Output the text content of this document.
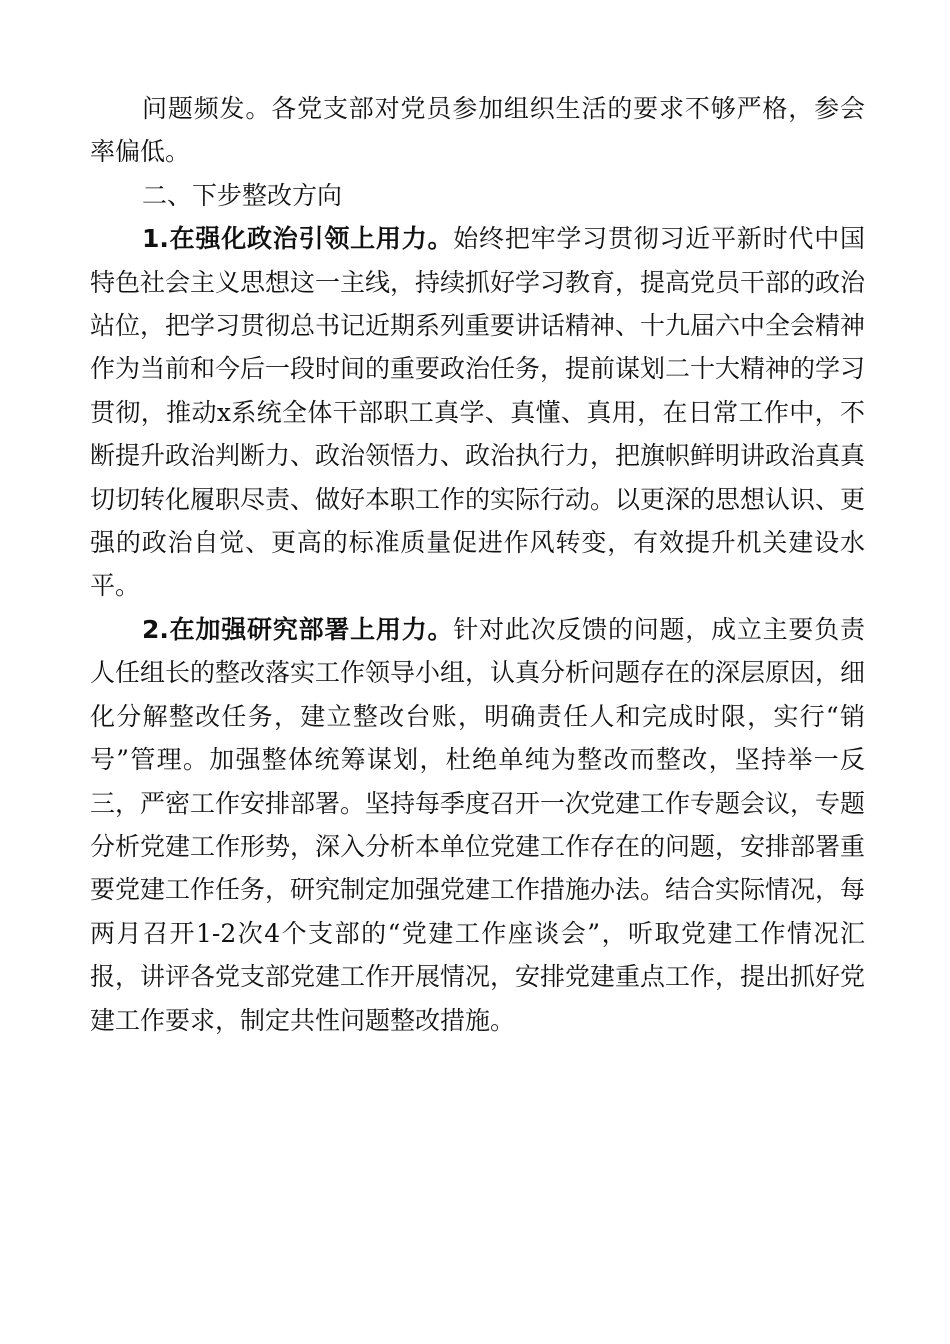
问题频发。各党支部对党员参加组织生活的要求不够严格，参会率偏低。

二、下步整改方向

1.在强化政治引领上用力。始终把牢学习贯彻习近平新时代中国特色社会主义思想这一主线，持续抓好学习教育，提高党员干部的政治站位，把学习贯彻总书记近期系列重要讲话精神、十九届六中全会精神作为当前和今后一段时间的重要政治任务，提前谋划二十大精神的学习贯彻，推动x系统全体干部职工真学、真懂、真用，在日常工作中，不断提升政治判断力、政治领悟力、政治执行力，把旗帜鲜明讲政治真真切切转化履职尽责、做好本职工作的实际行动。以更深的思想认识、更强的政治自觉、更高的标准质量促进作风转变，有效提升机关建设水平。

2.在加强研究部署上用力。针对此次反馈的问题，成立主要负责人任组长的整改落实工作领导小组，认真分析问题存在的深层原因，细化分解整改任务，建立整改台账，明确责任人和完成时限，实行“销号”管理。加强整体统筹谋划，杜绝单纯为整改而整改，坚持举一反三，严密工作安排部署。坚持每季度召开一次党建工作专题会议，专题分析党建工作形势，深入分析本单位党建工作存在的问题，安排部署重要党建工作任务，研究制定加强党建工作措施办法。结合实际情况，每两月召开1-2次4个支部的“党建工作座谈会”，听取党建工作情况汇报，讲评各党支部党建工作开展情况，安排党建重点工作，提出抓好党建工作要求，制定共性问题整改措施。
